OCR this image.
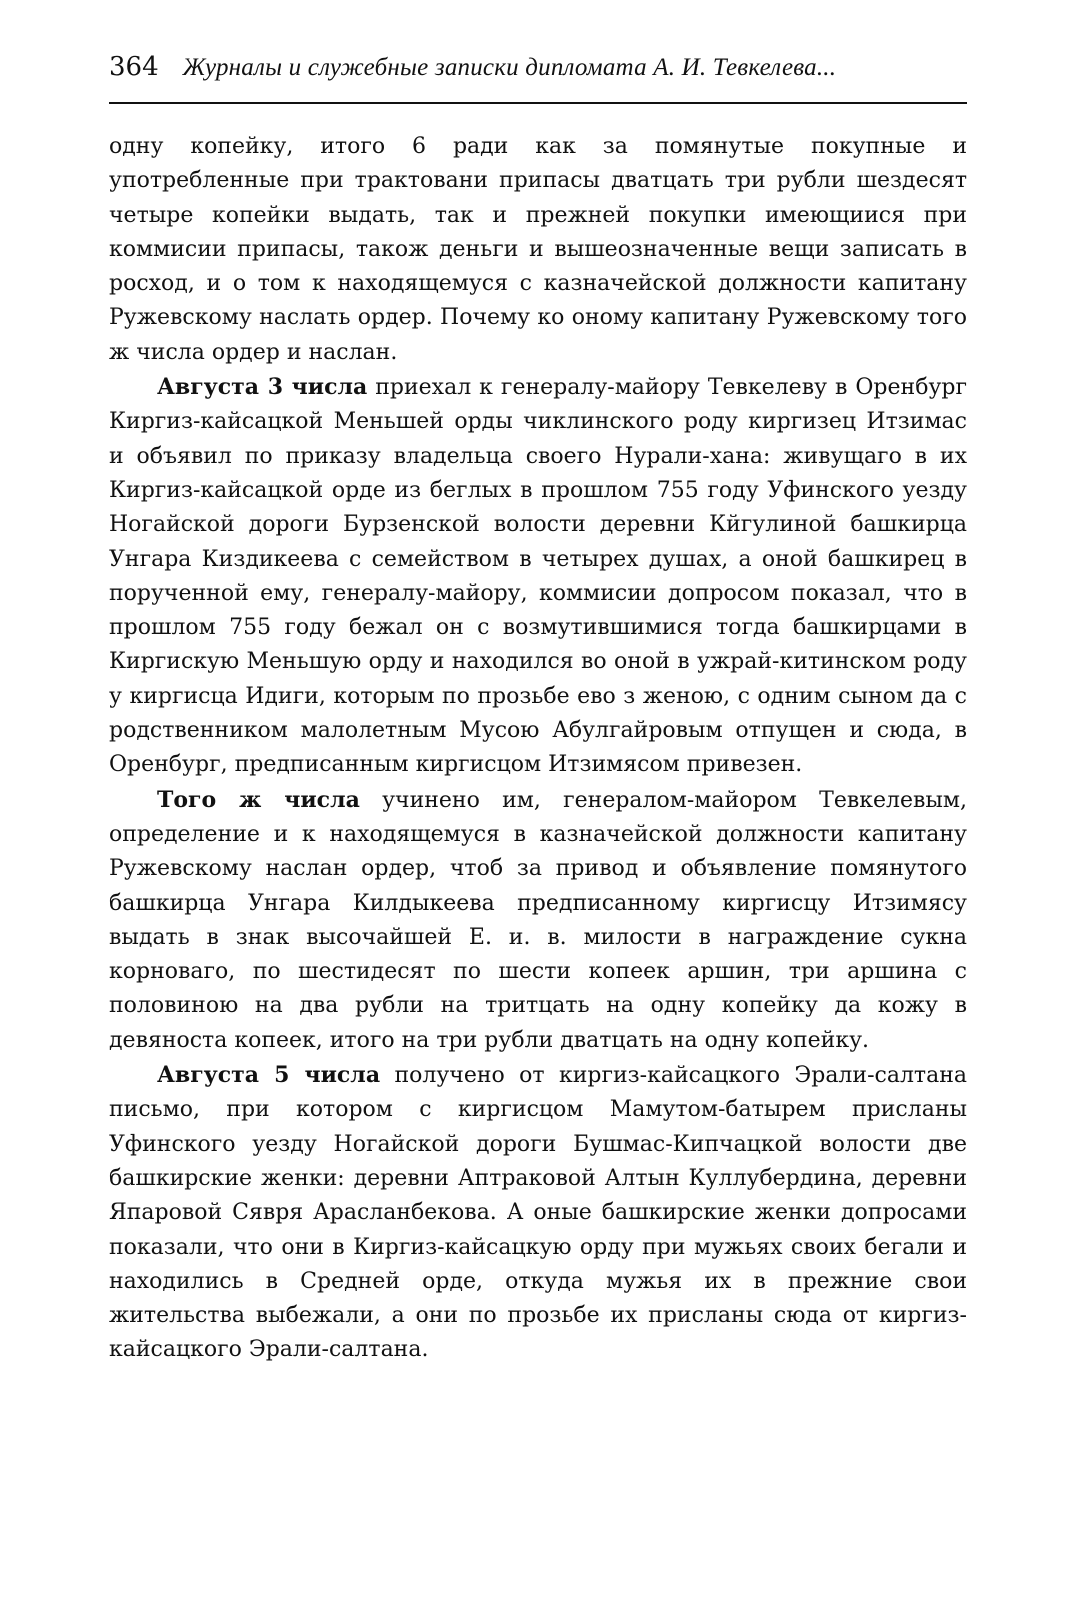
364 Журналы и служебные записки дипломата А. И. Тевкелева...

одну копейку, итого 6 ради как за помянутые покупные и употребленные при трактовани припасы дватцать три рубли шездесят четыре копейки выдать, так и прежней покупки имеющиися при коммисии припасы, також деньги и вышеозначенные вещи записать в росход, и о том к находящемуся с казначейской должности капитану Ружевскому наслать ордер. Почему ко оному капитану Ружевскому того ж числа ордер и наслан.

Августа 3 числа приехал к генералу-майору Тевкелеву в Оренбург Киргиз-кайсацкой Меньшей орды чиклинского роду киргизец Итзимас и объявил по приказу владельца своего Нурали-хана: живущаго в их Киргиз-кайсацкой орде из беглых в прошлом 755 году Уфинского уезду Ногайской дороги Бурзенской волости деревни Кйгулиной башкирца Унгара Киздикеева с семейством в четырех душах, а оной башкирец в порученной ему, генералу-майору, коммисии допросом показал, что в прошлом 755 году бежал он с возмутившимися тогда башкирцами в Киргискую Меньшую орду и находился во оной в ужрай-китинском роду у киргисца Идиги, которым по прозьбе ево з женою, с одним сыном да с родственником малолетным Мусою Абулгайровым отпущен и сюда, в Оренбург, предписанным киргисцом Итзимясом привезен.

Того ж числа учинено им, генералом-майором Тевкелевым, определение и к находящемуся в казначейской должности капитану Ружевскому наслан ордер, чтоб за привод и объявление помянутого башкирца Унгара Килдыкеева предписанному киргисцу Итзимясу выдать в знак высочайшей Е. и. в. милости в награждение сукна корноваго, по шестидесят по шести копеек аршин, три аршина с половиною на два рубли на тритцать на одну копейку да кожу в девяноста копеек, итого на три рубли дватцать на одну копейку.

Августа 5 числа получено от киргиз-кайсацкого Эрали-салтана письмо, при котором с киргисцом Мамутом-батырем присланы Уфинского уезду Ногайской дороги Бушмас-Кипчацкой волости две башкирские женки: деревни Аптраковой Алтын Куллубердина, деревни Япаровой Сявря Арасланбекова. А оные башкирские женки допросами показали, что они в Киргиз-кайсацкую орду при мужьях своих бегали и находились в Средней орде, откуда мужья их в прежние свои жительства выбежали, а они по прозьбе их присланы сюда от киргиз-кайсацкого Эрали-салтана.
